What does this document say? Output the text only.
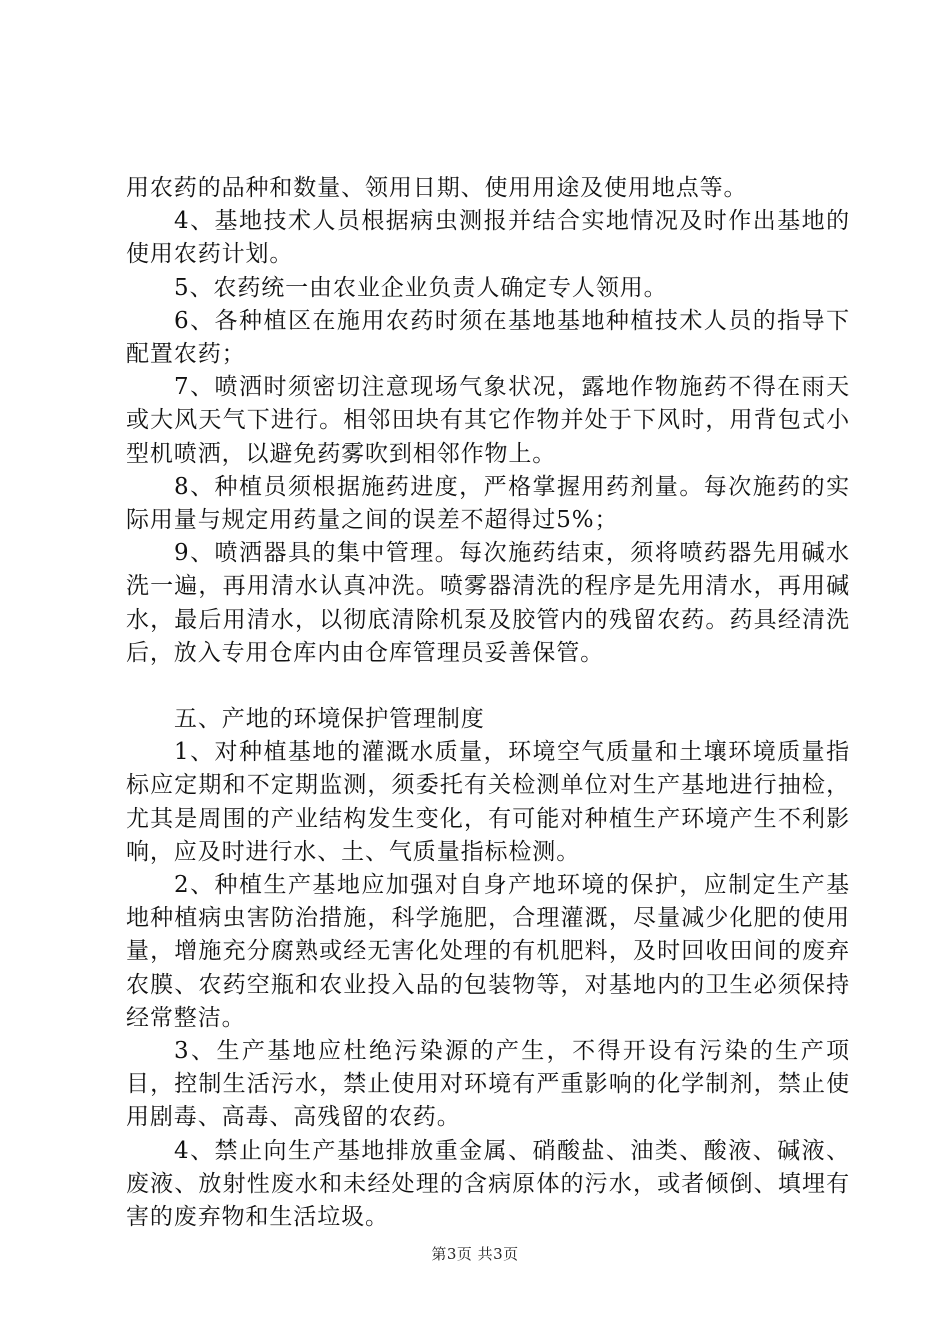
用农药的品种和数量、领用日期、使用用途及使用地点等。

4、基地技术人员根据病虫测报并结合实地情况及时作出基地的使用农药计划。

5、农药统一由农业企业负责人确定专人领用。

6、各种植区在施用农药时须在基地基地种植技术人员的指导下配置农药；

7、喷洒时须密切注意现场气象状况，露地作物施药不得在雨天或大风天气下进行。相邻田块有其它作物并处于下风时，用背包式小型机喷洒，以避免药雾吹到相邻作物上。

8、种植员须根据施药进度，严格掌握用药剂量。每次施药的实际用量与规定用药量之间的误差不超得过5%；

9、喷洒器具的集中管理。每次施药结束，须将喷药器先用碱水洗一遍，再用清水认真冲洗。喷雾器清洗的程序是先用清水，再用碱水，最后用清水，以彻底清除机泵及胶管内的残留农药。药具经清洗后，放入专用仓库内由仓库管理员妥善保管。

五、产地的环境保护管理制度

1、对种植基地的灌溉水质量，环境空气质量和土壤环境质量指标应定期和不定期监测，须委托有关检测单位对生产基地进行抽检，尤其是周围的产业结构发生变化，有可能对种植生产环境产生不利影响，应及时进行水、土、气质量指标检测。

2、种植生产基地应加强对自身产地环境的保护，应制定生产基地种植病虫害防治措施，科学施肥，合理灌溉，尽量减少化肥的使用量，增施充分腐熟或经无害化处理的有机肥料，及时回收田间的废弃农膜、农药空瓶和农业投入品的包装物等，对基地内的卫生必须保持经常整洁。

3、生产基地应杜绝污染源的产生，不得开设有污染的生产项目，控制生活污水，禁止使用对环境有严重影响的化学制剂，禁止使用剧毒、高毒、高残留的农药。

4、禁止向生产基地排放重金属、硝酸盐、油类、酸液、碱液、废液、放射性废水和未经处理的含病原体的污水，或者倾倒、填埋有害的废弃物和生活垃圾。

第3页 共3页
